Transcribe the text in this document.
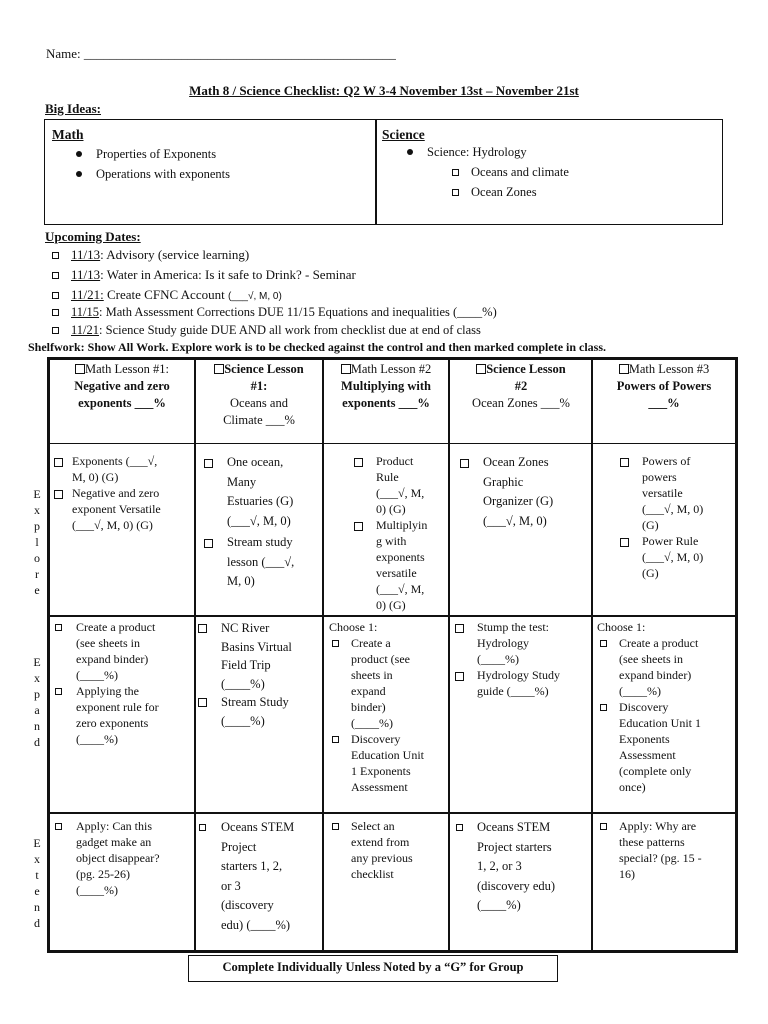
Name: ________________________________________________
Math 8 / Science Checklist: Q2 W 3-4 November 13st – November 21st
Big Ideas:
Math
Properties of Exponents
Operations with exponents
Science
Science: Hydrology
Oceans and climate
Ocean Zones
Upcoming Dates:
11/13: Advisory (service learning)
11/13: Water in America: Is it safe to Drink? - Seminar
11/21: Create CFNC Account (___√, M, 0)
11/15: Math Assessment Corrections DUE 11/15 Equations and inequalities (____%)
11/21: Science Study guide DUE AND all work from checklist due at end of class
Shelfwork: Show All Work. Explore work is to be checked against the control and then marked complete in class.
Math Lesson #1:
Negative and zero
exponents ___%
Science Lesson
#1:
Oceans and
Climate ___%
Math Lesson #2
Multiplying with
exponents ___%
Science Lesson
#2
Ocean Zones ___%
Math Lesson #3
Powers of Powers
___%
E
x
p
l
o
r
e
E
x
p
a
n
d
E
x
t
e
n
d
Exponents (___√,
M, 0) (G)
Negative and zero
exponent Versatile
(___√, M, 0) (G)
One ocean,
Many
Estuaries (G)
(___√, M, 0)
Stream study
lesson (___√,
M, 0)
Product
Rule
(___√, M,
0) (G)
Multiplyin
g with
exponents
versatile
(___√, M,
0) (G)
Ocean Zones
Graphic
Organizer (G)
(___√, M, 0)
Powers of
powers
versatile
(___√, M, 0)
(G)
Power Rule
(___√, M, 0)
(G)
Create a product
(see sheets in
expand binder)
(____%)
Applying the
exponent rule for
zero exponents
(____%)
NC River
Basins Virtual
Field Trip
(____%)
Stream Study
(____%)
Choose 1:
Create a
product (see
sheets in
expand
binder)
(____%)
Discovery
Education Unit
1 Exponents
Assessment
Stump the test:
Hydrology
(____%)
Hydrology Study
guide (____%)
Choose 1:
Create a product
(see sheets in
expand binder)
(____%)
Discovery
Education Unit 1
Exponents
Assessment
(complete only
once)
Apply: Can this
gadget make an
object disappear?
(pg. 25-26)
(____%)
Oceans STEM
Project
starters 1, 2,
or 3
(discovery
edu) (____%)
Select an
extend from
any previous
checklist
Oceans STEM
Project starters
1, 2, or 3
(discovery edu)
(____%)
Apply: Why are
these patterns
special? (pg. 15 -
16)
Complete Individually Unless Noted by a “G” for Group
